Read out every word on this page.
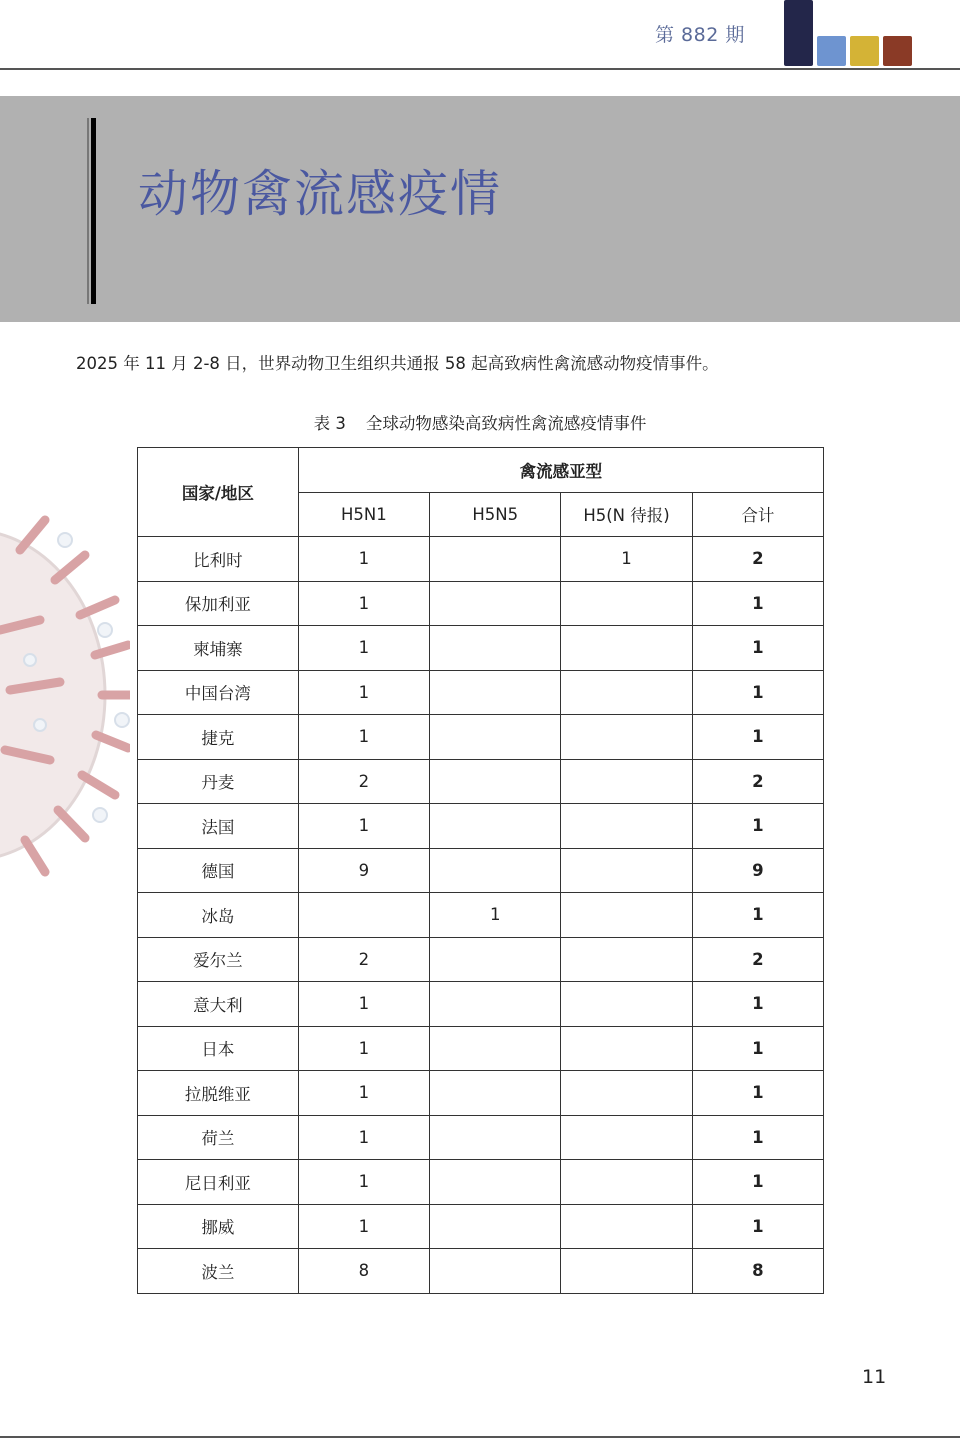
第 882 期
动物禽流感疫情
2025 年 11 月 2-8 日，世界动物卫生组织共通报 58 起高致病性禽流感动物疫情事件。
表 3 全球动物感染高致病性禽流感疫情事件
国家/地区	禽流感亚型			
	H5N1	H5N5	H5(N 待报)	合计
比利时	1		1	2
保加利亚	1			1
柬埔寨	1			1
中国台湾	1			1
捷克	1			1
丹麦	2			2
法国	1			1
德国	9			9
冰岛		1		1
爱尔兰	2			2
意大利	1			1
日本	1			1
拉脱维亚	1			1
荷兰	1			1
尼日利亚	1			1
挪威	1			1
波兰	8			8
11
